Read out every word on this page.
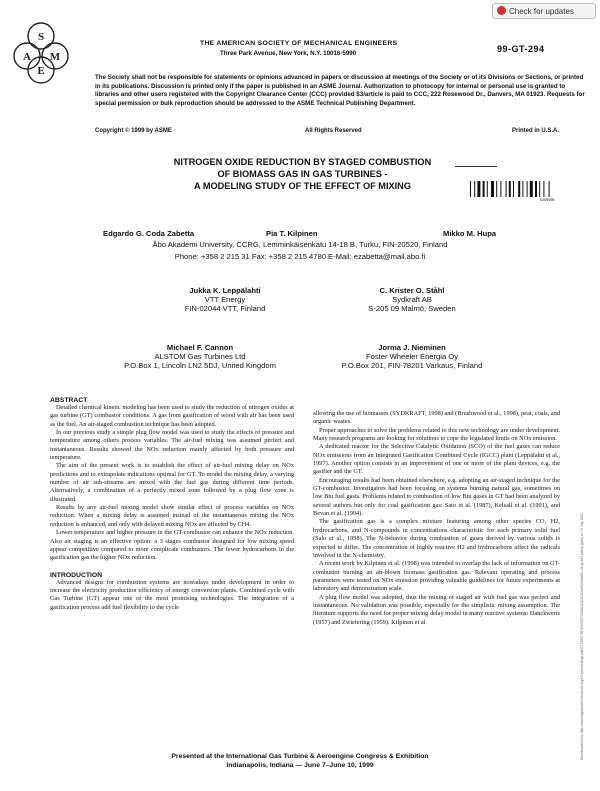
Check for updates
S
A M
E
THE AMERICAN SOCIETY OF MECHANICAL ENGINEERS
Three Park Avenue, New York, N.Y. 10016-5990	99-GT-294
The Society shall not be responsible for statements or opinions advanced in papers or discussion at meetings of the Society or of its Divisions or Sections, or printed in its publications. Discussion is printed only if the paper is published in an ASME Journal. Authorization to photocopy for internal or personal use is granted to libraries and other users registered with the Copyright Clearance Center (CCC) provided $3/article is paid to CCC, 222 Rosewood Dr., Danvers, MA 01923. Requests for special permission or bulk reproduction should be addressed to the ASME Technical Publishing Department.
Copyright © 1999 by ASME	All Rights Reserved	Printed in U.S.A.
NITROGEN OXIDE REDUCTION BY STAGED COMBUSTION
OF BIOMASS GAS IN GAS TURBINES -
A MODELING STUDY OF THE EFFECT OF MIXING
DWEBB
Downloaded from http://asmedigitalcollection.asme.org/GT/proceedings-pdf/GT1999/78576/V002T03A061/2409163/v002t03a061-99-gt-294.pdf by guest on 13 July 2022
Edgardo G. Coda Zabetta	Pia T. Kilpinen	Mikko M. Hupa
Åbo Akademi University, CCRG, Lemminkäisenkatu 14-18 B, Turku, FIN-20520, Finland
Phone: +358 2 215 31 Fax: +358 2 215 4780 E-Mail: ezabetta@mail.abo.fi
Jukka K. Leppälahti
VTT Energy
FIN-02044 VTT, Finland
C. Krister O. Ståhl
Sydkraft AB
S-205 09 Malmö, Sweden
Michael F. Cannon
ALSTOM Gas Turbines Ltd
P.O.Box 1, Lincoln LN2 5DJ, United Kingdom
Jorma J. Nieminen
Foster Wheeler Energia Oy
P.O.Box 201, FIN-78201 Varkaus, Finland
ABSTRACT

Detailed chemical kinetic modeling has been used to study the reduction of nitrogen oxides at gas turbine (GT) combustor conditions. A gas from gasification of wood with air has been used as the fuel. An air-staged combustion technique has been adopted.

In our previous study a simple plug flow model was used to study the effects of pressure and temperature among others process variables. The air-fuel mixing was assumed perfect and instantaneous. Results showed the NOx reduction mainly affected by both pressure and temperature.

The aim of the present work is to establish the effect of air-fuel mixing delay on NOx predictions and to extrapolate indications optimal for GT. To model the mixing delay, a varying number of air sub-streams are mixed with the fuel gas during different time periods. Alternatively, a combination of a perfectly mixed zone followed by a plug flow zone is illustrated.

Results by any air-fuel mixing model show similar effect of process variables on NOx reduction. When a mixing delay is assumed instead of the instantaneous mixing the NOx reduction is enhanced, and only with delayed mixing NOx are affected by CH4.

Lower temperature and higher pressure in the GT-combustor can enhance the NOx reduction. Also air staging is an effective option: a 3 stages combustor designed for low mixing speed appear competitive compared to more complicate combustors. The fewer hydrocarbons in the gasification gas the higher NOx reduction.

INTRODUCTION

Advanced designs for combustion systems are nowadays under development in order to increase the electricity production efficiency of energy conversion plants. Combined cycle with Gas Turbine (GT) appear one of the most promising technologies. The integration of a gasification process add fuel flexibility to the cycle

allowing the use of biomasses (SYDKRAFT, 1998) and (Brushwood et al., 1998), peat, coals, and organic wastes.

Proper approaches to solve the problems related to this new technology are under development. Many research programs are looking for solutions to cope the legislated limits on NOx emission.

A dedicated reactor for the Selective Catalytic Oxidation (SCO) of the fuel gases can reduce NOx emissions from an Integrated Gasification Combined Cycle (IGCC) plant (Leppälahti et al., 1997). Another option consists in an improvement of one or more of the plant devices, e.g. the gasifier and the GT.

Encouraging results had been obtained elsewhere, e.g. adopting an air-staged technique for the GT-combustor. Investigators had been focusing on systems burning natural gas, sometimes on low Btu fuel gasts. Problems related to combustion of low Btu gases in GT had been analyzed by several authors but only for coal gasification gas: Sato et al. (1987), Kelsall et al. (1991), and Bevan et al. (1994).

The gasification gas is a complex mixture featuring among other species CO, H2, hydrocarbons, and N-compounds in concentrations characteristic for each primary solid fuel (Salo et al., 1998). The N-behavior during combustion of gases derived by various solids is expected to differ. The concentration of highly reactive H2 and hydrocarbons affect the radicals involved in the N-chemistry.

A recent work by Kilpinen et al. (1998) was intended to overlap the lack of information on GT-combustor burning an air-blown biomass gasification gas. Relevant operating and process parameters were tested on NOx emission providing valuable guidelines for future experiments at laboratory and demonstration scale.

A plug flow model was adopted, thus the mixing of staged air with fuel gas was perfect and instantaneous. No validation was possible, especially for the simplistic mixing assumption. The literature supports the need for proper mixing delay model in many reactive systems: Danckwerts (1957) and Zwietering (1959). Kilpinen et al

Presented at the International Gas Turbine & Aeroengine Congress & Exhibition
Indianapolis, Indiana — June 7–June 10, 1999
